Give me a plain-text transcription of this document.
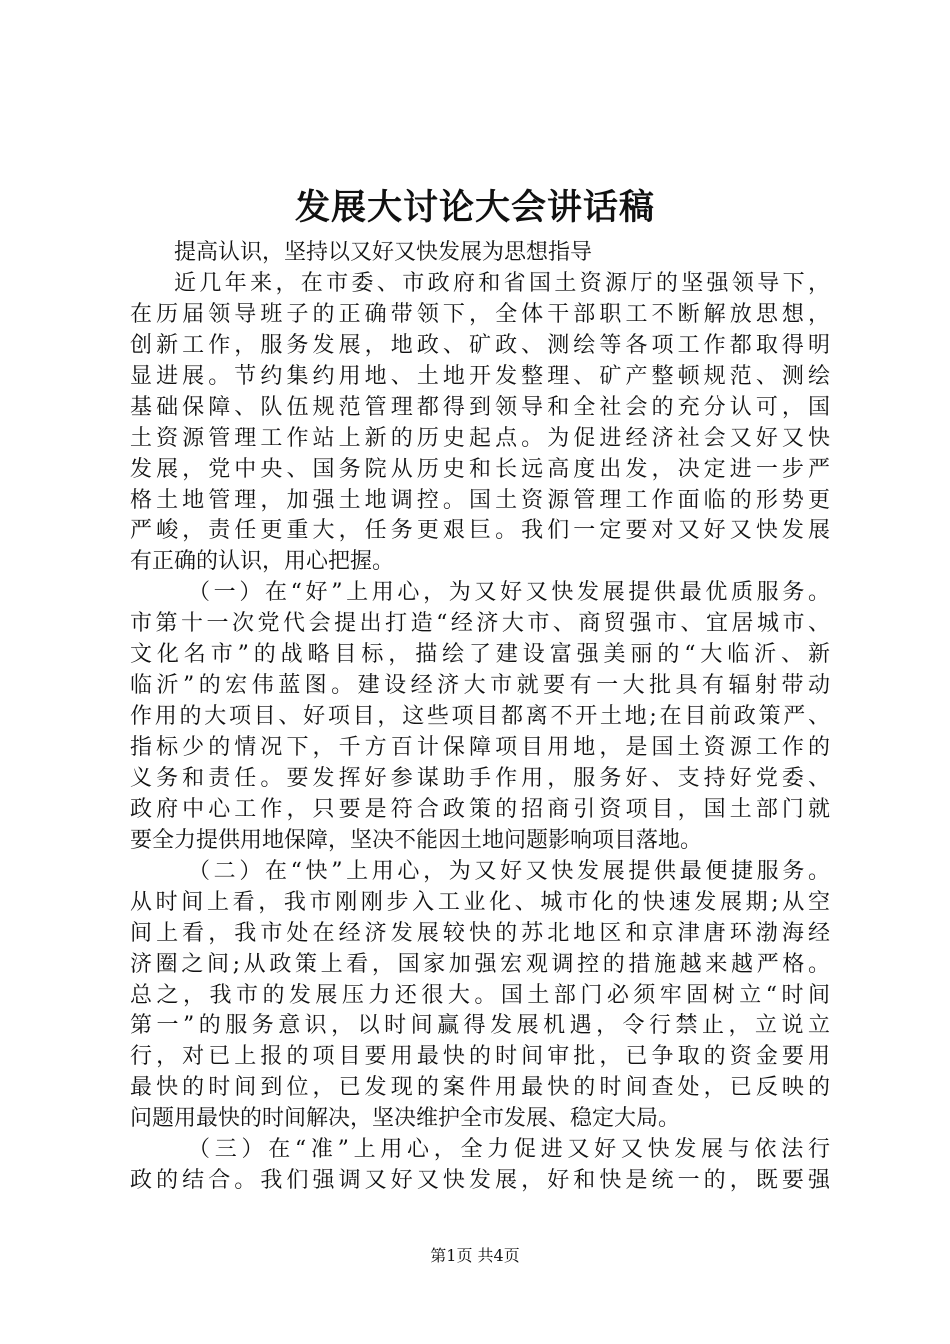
发展大讨论大会讲话稿
提高认识，坚持以又好又快发展为思想指导
近几年来，在市委、市政府和省国土资源厅的坚强领导下，
在历届领导班子的正确带领下，全体干部职工不断解放思想，
创新工作，服务发展，地政、矿政、测绘等各项工作都取得明
显进展。节约集约用地、土地开发整理、矿产整顿规范、测绘
基础保障、队伍规范管理都得到领导和全社会的充分认可，国
土资源管理工作站上新的历史起点。为促进经济社会又好又快
发展，党中央、国务院从历史和长远高度出发，决定进一步严
格土地管理，加强土地调控。国土资源管理工作面临的形势更
严峻，责任更重大，任务更艰巨。我们一定要对又好又快发展
有正确的认识，用心把握。
（一）在“好”上用心，为又好又快发展提供最优质服务。
市第十一次党代会提出打造“经济大市、商贸强市、宜居城市、
文化名市”的战略目标，描绘了建设富强美丽的“大临沂、新
临沂”的宏伟蓝图。建设经济大市就要有一大批具有辐射带动
作用的大项目、好项目，这些项目都离不开土地;在目前政策严、
指标少的情况下，千方百计保障项目用地，是国土资源工作的
义务和责任。要发挥好参谋助手作用，服务好、支持好党委、
政府中心工作，只要是符合政策的招商引资项目，国土部门就
要全力提供用地保障，坚决不能因土地问题影响项目落地。
（二）在“快”上用心，为又好又快发展提供最便捷服务。
从时间上看，我市刚刚步入工业化、城市化的快速发展期;从空
间上看，我市处在经济发展较快的苏北地区和京津唐环渤海经
济圈之间;从政策上看，国家加强宏观调控的措施越来越严格。
总之，我市的发展压力还很大。国土部门必须牢固树立“时间
第一”的服务意识，以时间赢得发展机遇，令行禁止，立说立
行，对已上报的项目要用最快的时间审批，已争取的资金要用
最快的时间到位，已发现的案件用最快的时间查处，已反映的
问题用最快的时间解决，坚决维护全市发展、稳定大局。
（三）在“准”上用心，全力促进又好又快发展与依法行
政的结合。我们强调又好又快发展，好和快是统一的，既要强
第1页 共4页
